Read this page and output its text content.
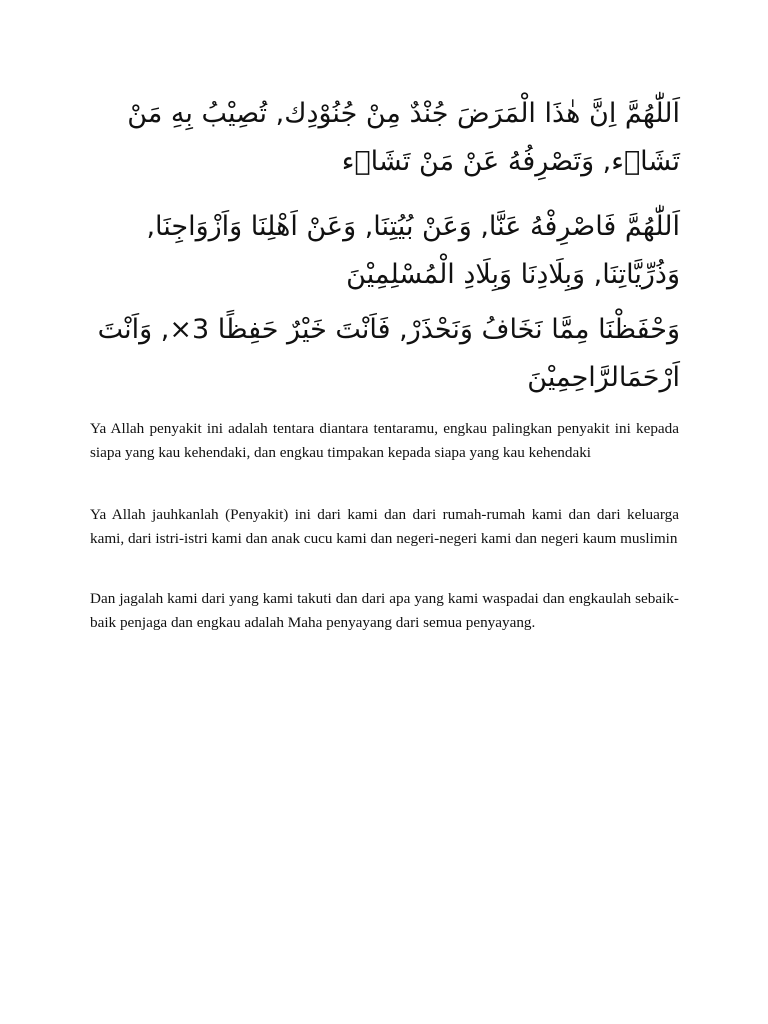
اَللّٰهُمَّ اِنَّ هٰذَا الْمَرَضَ جُنْدٌ مِنْ جُنُوْدِك, تُصِيْبُ بِهِ مَنْ
تَشَاۤء, وَتَصْرِفُهُ عَنْ مَنْ تَشَاۤء
اَللّٰهُمَّ فَاصْرِفْهُ عَنَّا, وَعَنْ بُيُتِنَا, وَعَنْ اَهْلِنَا وَاَزْوَاجِنَا,
وَذُرِّيَّاتِنَا, وَبِلَادِنَا وَبِلَادِ الْمُسْلِمِيْنَ
وَحْفَظْنَا مِمَّا نَخَافُ وَنَحْذَرْ, فَاَنْتَ خَيْرٌ حَفِظًا 3×, وَاَنْتَ
اَرْحَمَالرَّاحِمِيْنَ

Ya Allah penyakit ini adalah tentara diantara tentaramu, engkau palingkan penyakit ini kepada siapa yang kau kehendaki, dan engkau timpakan kepada siapa yang kau kehendaki

Ya Allah jauhkanlah (Penyakit) ini dari kami dan dari rumah-rumah kami dan dari keluarga kami, dari istri-istri kami dan anak cucu kami dan negeri-negeri kami dan negeri kaum muslimin

Dan jagalah kami dari yang kami takuti dan dari apa yang kami waspadai dan engkaulah sebaik-baik penjaga dan engkau adalah Maha penyayang dari semua penyayang.
